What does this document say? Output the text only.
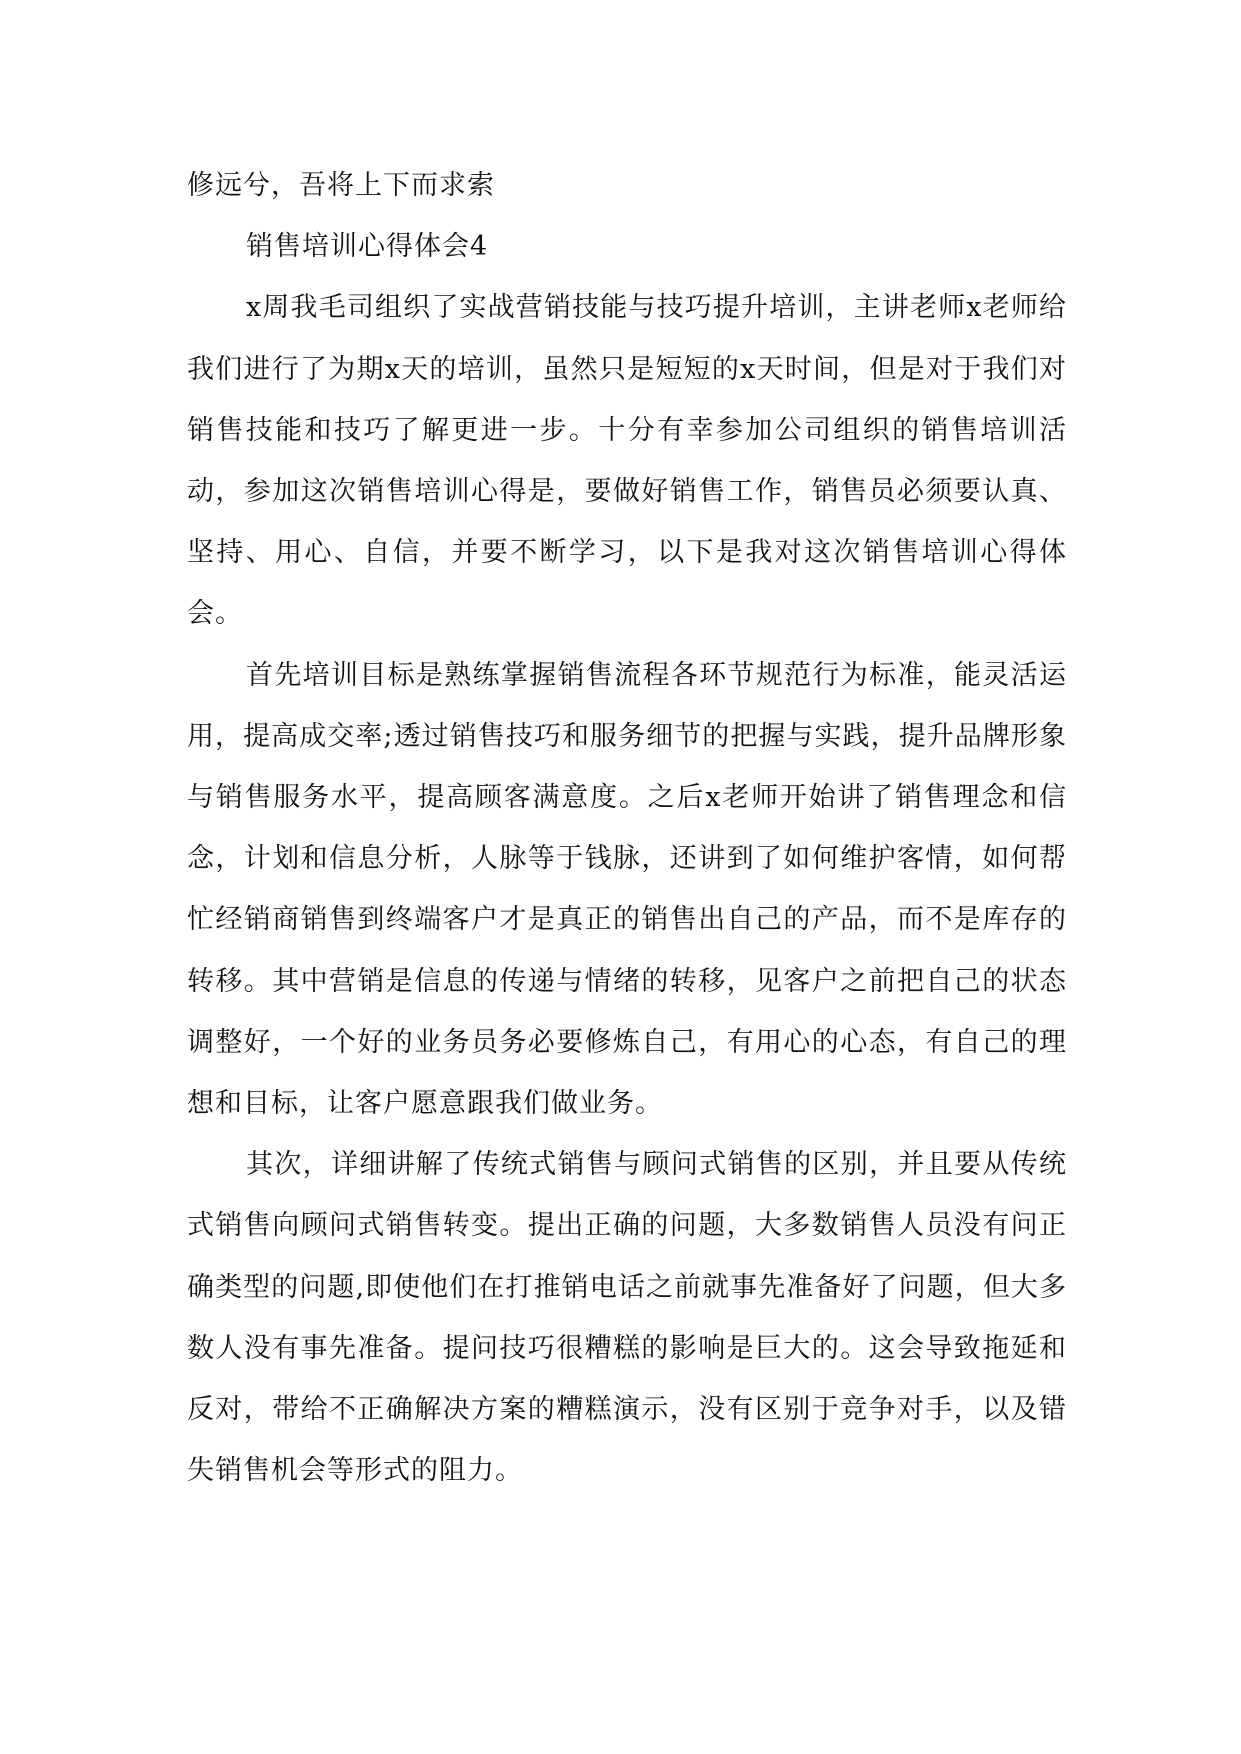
修远兮，吾将上下而求索

销售培训心得体会4

x周我毛司组织了实战营销技能与技巧提升培训，主讲老师x老师给我们进行了为期x天的培训，虽然只是短短的x天时间，但是对于我们对销售技能和技巧了解更进一步。十分有幸参加公司组织的销售培训活动，参加这次销售培训心得是，要做好销售工作，销售员必须要认真、坚持、用心、自信，并要不断学习，以下是我对这次销售培训心得体会。

首先培训目标是熟练掌握销售流程各环节规范行为标准，能灵活运用，提高成交率;透过销售技巧和服务细节的把握与实践，提升品牌形象与销售服务水平，提高顾客满意度。之后x老师开始讲了销售理念和信念，计划和信息分析，人脉等于钱脉，还讲到了如何维护客情，如何帮忙经销商销售到终端客户才是真正的销售出自己的产品，而不是库存的转移。其中营销是信息的传递与情绪的转移，见客户之前把自己的状态调整好，一个好的业务员务必要修炼自己，有用心的心态，有自己的理想和目标，让客户愿意跟我们做业务。

其次，详细讲解了传统式销售与顾问式销售的区别，并且要从传统式销售向顾问式销售转变。提出正确的问题，大多数销售人员没有问正确类型的问题,即使他们在打推销电话之前就事先准备好了问题，但大多数人没有事先准备。提问技巧很糟糕的影响是巨大的。这会导致拖延和反对，带给不正确解决方案的糟糕演示，没有区别于竞争对手，以及错失销售机会等形式的阻力。
